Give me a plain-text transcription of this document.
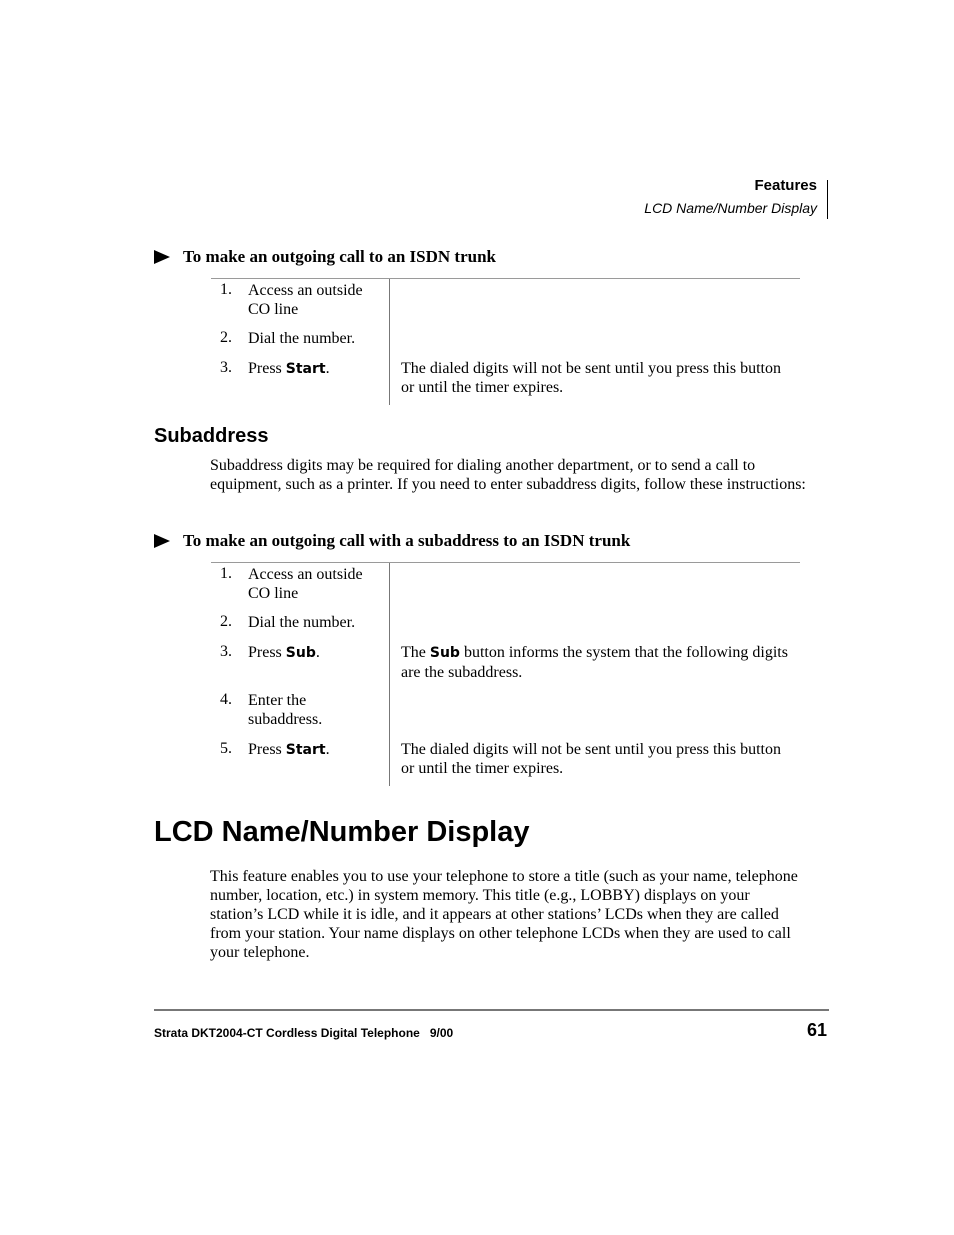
Features
LCD Name/Number Display
To make an outgoing call to an ISDN trunk
1.	Access an outside CO line
2.	Dial the number.
3.	Press Start.	The dialed digits will not be sent until you press this button or until the timer expires.
Subaddress
Subaddress digits may be required for dialing another department, or to send a call to equipment, such as a printer. If you need to enter subaddress digits, follow these instructions:
To make an outgoing call with a subaddress to an ISDN trunk
1.	Access an outside CO line
2.	Dial the number.
3.	Press Sub.	The Sub button informs the system that the following digits are the subaddress.
4.	Enter the subaddress.
5.	Press Start.	The dialed digits will not be sent until you press this button or until the timer expires.
LCD Name/Number Display
This feature enables you to use your telephone to store a title (such as your name, telephone number, location, etc.) in system memory. This title (e.g., LOBBY) displays on your station’s LCD while it is idle, and it appears at other stations’ LCDs when they are called from your station. Your name displays on other telephone LCDs when they are used to call your telephone.
Strata DKT2004-CT Cordless Digital Telephone   9/00	61
